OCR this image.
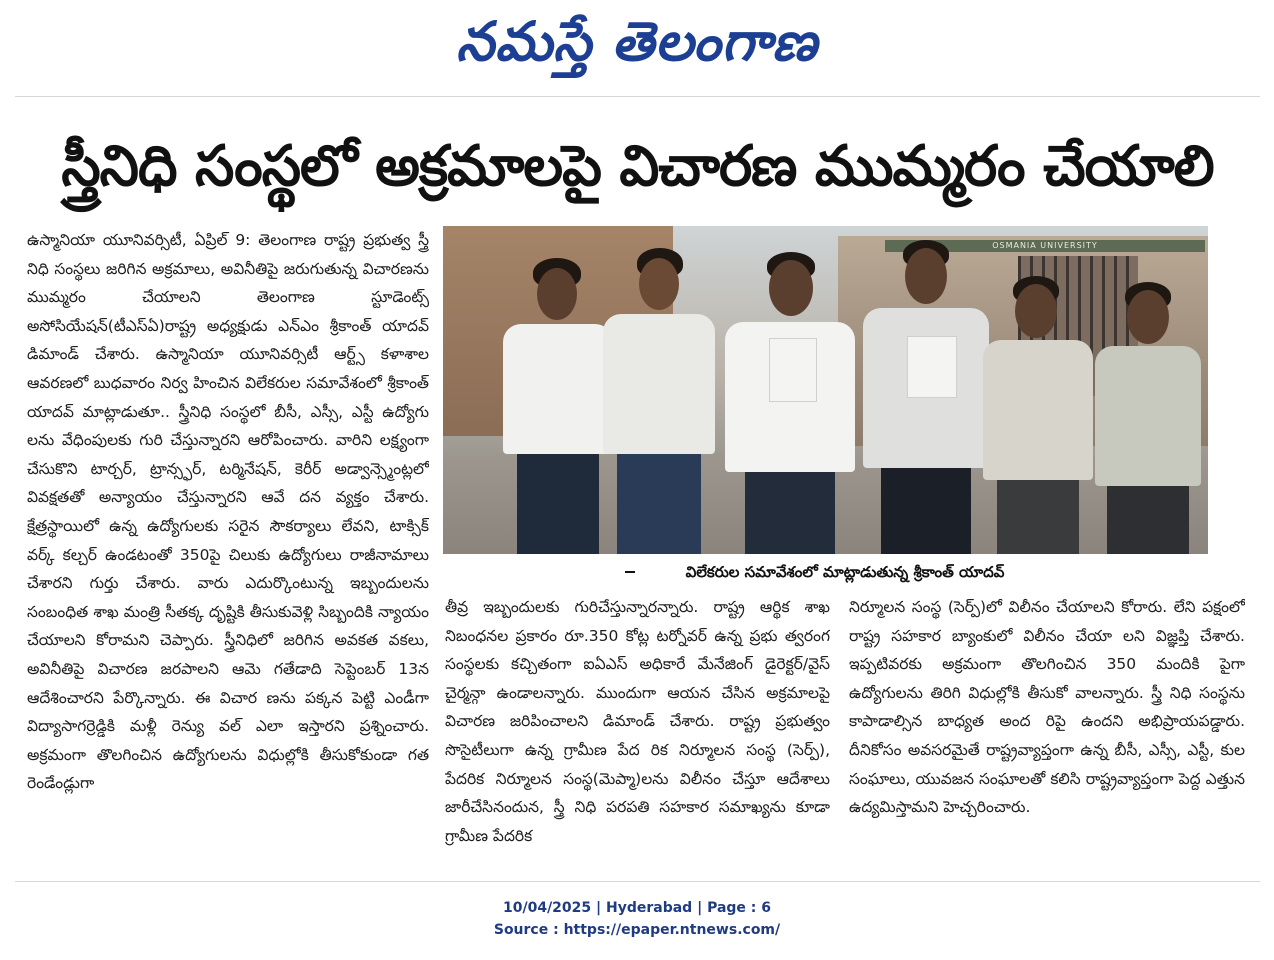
నమస్తే తెలంగాణ
స్త్రీనిధి సంస్థలో అక్రమాలపై విచారణ ముమ్మరం చేయాలి

ఉస్మానియా యూనివర్సిటీ, ఏప్రిల్ 9: తెలంగాణ రాష్ట్ర ప్రభుత్వ స్త్రీ నిధి సంస్థలు జరిగిన అక్రమాలు, అవినీతిపై జరుగుతున్న విచారణను ముమ్మరం చేయాలని తెలంగాణ స్టూడెంట్స్ అసోసియేషన్(టీఎస్ఏ)రాష్ట్ర అధ్యక్షుడు ఎన్ఎం శ్రీకాంత్ యాదవ్ డిమాండ్ చేశారు. ఉస్మానియా యూనివర్సిటీ ఆర్ట్స్ కళాశాల ఆవరణలో బుధవారం నిర్వ హించిన విలేకరుల సమావేశంలో శ్రీకాంత్ యాదవ్ మాట్లాడుతూ.. స్త్రీనిధి సంస్థలో బీసీ, ఎస్సీ, ఎస్టీ ఉద్యోగు లను వేధింపులకు గురి చేస్తున్నారని ఆరోపించారు. వారిని లక్ష్యంగా చేసుకొని టార్చర్, ట్రాన్స్ఫర్, టర్మినేషన్, కెరీర్ అడ్వాన్స్మెంట్లలో వివక్షతతో అన్యాయం చేస్తున్నారని ఆవే దన వ్యక్తం చేశారు. క్షేత్రస్థాయిలో ఉన్న ఉద్యోగులకు సరైన సౌకర్యాలు లేవని, టాక్సిక్ వర్క్ కల్చర్ ఉండటంతో 350పై చిలుకు ఉద్యోగులు రాజీనామాలు చేశారని గుర్తు చేశారు. వారు ఎదుర్కొంటున్న ఇబ్బందులను సంబంధిత శాఖ మంత్రి సీతక్క దృష్టికి తీసుకువెళ్లి సిబ్బందికి న్యాయం చేయాలని కోరామని చెప్పారు. స్త్రీనిధిలో జరిగిన అవకత వకలు, అవినీతిపై విచారణ జరపాలని ఆమె గతేడాది సెప్టెంబర్ 13న ఆదేశించారని పేర్కొన్నారు. ఈ విచార ణను పక్కన పెట్టి ఎండీగా విద్యాసాగర్రెడ్డికి మళ్లీ రెన్యు వల్ ఎలా ఇస్తారని ప్రశ్నించారు. అక్రమంగా తొలగించిన ఉద్యోగులను విధుల్లోకి తీసుకోకుండా గత రెండేండ్లుగా

OSMANIA UNIVERSITY
విలేకరుల సమావేశంలో మాట్లాడుతున్న శ్రీకాంత్ యాదవ్

తీవ్ర ఇబ్బందులకు గురిచేస్తున్నారన్నారు. రాష్ట్ర ఆర్థిక శాఖ నిబంధనల ప్రకారం రూ.350 కోట్ల టర్నోవర్ ఉన్న ప్రభు త్వరంగ సంస్థలకు కచ్చితంగా ఐఏఎస్ అధికారే మేనేజింగ్ డైరెక్టర్/వైస్ చైర్మన్గా ఉండాలన్నారు. ముందుగా ఆయన చేసిన అక్రమాలపై విచారణ జరిపించాలని డిమాండ్ చేశారు. రాష్ట్ర ప్రభుత్వం సొసైటీలుగా ఉన్న గ్రామీణ పేద రిక నిర్మూలన సంస్థ (సెర్ప్), పేదరిక నిర్మూలన సంస్థ(మెప్మా)లను విలీనం చేస్తూ ఆదేశాలు జారీచేసినందున, స్త్రీ నిధి పరపతి సహకార సమాఖ్యను కూడా గ్రామీణ పేదరిక

నిర్మూలన సంస్థ (సెర్ప్)లో విలీనం చేయాలని కోరారు. లేని పక్షంలో రాష్ట్ర సహకార బ్యాంకులో విలీనం చేయా లని విజ్ఞప్తి చేశారు. ఇప్పటివరకు అక్రమంగా తొలగించిన 350 మందికి పైగా ఉద్యోగులను తిరిగి విధుల్లోకి తీసుకో వాలన్నారు. స్త్రీ నిధి సంస్థను కాపాడాల్సిన బాధ్యత అంద రిపై ఉందని అభిప్రాయపడ్డారు. దీనికోసం అవసరమైతే రాష్ట్రవ్యాప్తంగా ఉన్న బీసీ, ఎస్సీ, ఎస్టీ, కుల సంఘాలు, యువజన సంఘాలతో కలిసి రాష్ట్రవ్యాప్తంగా పెద్ద ఎత్తున ఉద్యమిస్తామని హెచ్చరించారు.

10/04/2025 | Hyderabad | Page : 6
Source : https://epaper.ntnews.com/
